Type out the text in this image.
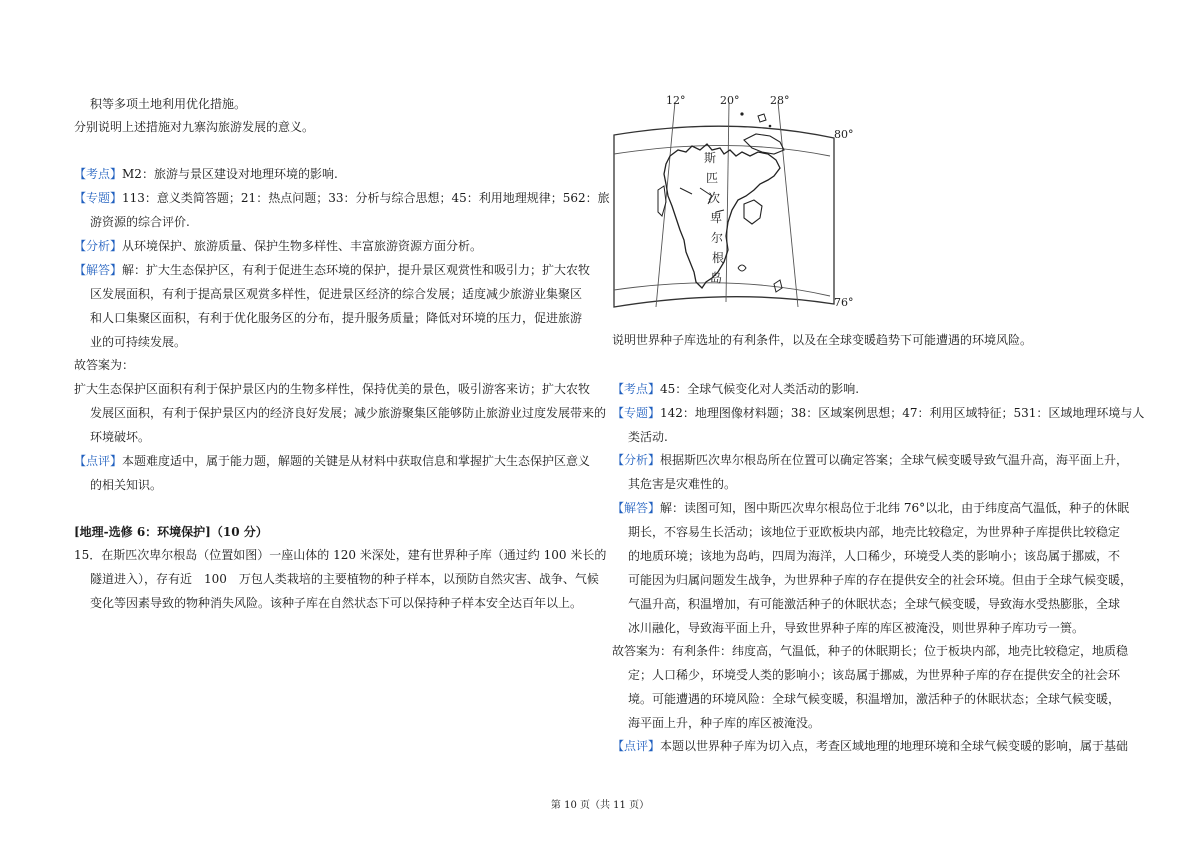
积等多项土地利用优化措施。
分别说明上述措施对九寨沟旅游发展的意义。
【考点】M2：旅游与景区建设对地理环境的影响.
【专题】113：意义类简答题；21：热点问题；33：分析与综合思想；45：利用地理规律；562：旅
游资源的综合评价.
【分析】从环境保护、旅游质量、保护生物多样性、丰富旅游资源方面分析。
【解答】解：扩大生态保护区，有利于促进生态环境的保护，提升景区观赏性和吸引力；扩大农牧
区发展面积，有利于提高景区观赏多样性，促进景区经济的综合发展；适度减少旅游业集聚区
和人口集聚区面积，有利于优化服务区的分布，提升服务质量；降低对环境的压力，促进旅游
业的可持续发展。
故答案为：
扩大生态保护区面积有利于保护景区内的生物多样性，保持优美的景色，吸引游客来访；扩大农牧
发展区面积，有利于保护景区内的经济良好发展；减少旅游聚集区能够防止旅游业过度发展带来的
环境破坏。
【点评】本题难度适中，属于能力题，解题的关键是从材料中获取信息和掌握扩大生态保护区意义
的相关知识。
[地理-选修 6：环境保护]（10 分）
15．在斯匹次卑尔根岛（位置如图）一座山体的 120 米深处，建有世界种子库（通过约 100 米长的
隧道进入），存有近　100　万包人类栽培的主要植物的种子样本，以预防自然灾害、战争、气候
变化等因素导致的物种消失风险。该种子库在自然状态下可以保持种子样本安全达百年以上。
12°	20°	28°
80°
76°
斯
匹
次
卑
尔
根
岛
说明世界种子库选址的有利条件，以及在全球变暖趋势下可能遭遇的环境风险。
【考点】45：全球气候变化对人类活动的影响.
【专题】142：地理图像材料题；38：区域案例思想；47：利用区域特征；531：区域地理环境与人
类活动.
【分析】根据斯匹次卑尔根岛所在位置可以确定答案；全球气候变暖导致气温升高，海平面上升，
其危害是灾难性的。
【解答】解：读图可知，图中斯匹次卑尔根岛位于北纬 76°以北，由于纬度高气温低，种子的休眠
期长，不容易生长活动；该地位于亚欧板块内部，地壳比较稳定，为世界种子库提供比较稳定
的地质环境；该地为岛屿，四周为海洋，人口稀少，环境受人类的影响小；该岛属于挪威，不
可能因为归属问题发生战争，为世界种子库的存在提供安全的社会环境。但由于全球气候变暖，
气温升高，积温增加，有可能激活种子的休眠状态；全球气候变暖，导致海水受热膨胀，全球
冰川融化，导致海平面上升，导致世界种子库的库区被淹没，则世界种子库功亏一篑。
故答案为：有利条件：纬度高，气温低，种子的休眠期长；位于板块内部，地壳比较稳定，地质稳
定；人口稀少，环境受人类的影响小；该岛属于挪威，为世界种子库的存在提供安全的社会环
境。可能遭遇的环境风险：全球气候变暖，积温增加，激活种子的休眠状态；全球气候变暖，
海平面上升，种子库的库区被淹没。
【点评】本题以世界种子库为切入点，考查区域地理的地理环境和全球气候变暖的影响，属于基础
第 10 页（共 11 页）
